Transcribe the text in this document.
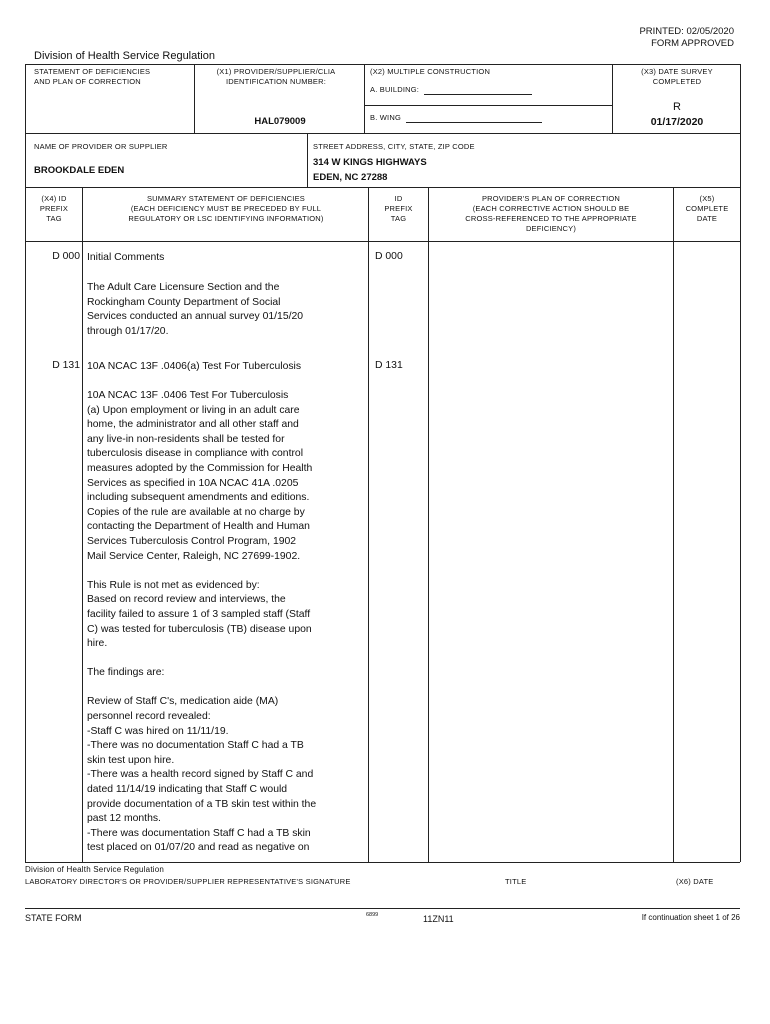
PRINTED: 02/05/2020
FORM APPROVED
Division of Health Service Regulation
STATEMENT OF DEFICIENCIES
AND PLAN OF CORRECTION
(X1) PROVIDER/SUPPLIER/CLIA
IDENTIFICATION NUMBER:
HAL079009
(X2) MULTIPLE CONSTRUCTION
A. BUILDING:
B. WING
(X3) DATE SURVEY
COMPLETED
R
01/17/2020
NAME OF PROVIDER OR SUPPLIER
BROOKDALE EDEN
STREET ADDRESS, CITY, STATE, ZIP CODE
314 W KINGS HIGHWAYS
EDEN, NC 27288
(X4) ID
PREFIX
TAG
SUMMARY STATEMENT OF DEFICIENCIES
(EACH DEFICIENCY MUST BE PRECEDED BY FULL
REGULATORY OR LSC IDENTIFYING INFORMATION)
ID
PREFIX
TAG
PROVIDER'S PLAN OF CORRECTION
(EACH CORRECTIVE ACTION SHOULD BE
CROSS-REFERENCED TO THE APPROPRIATE
DEFICIENCY)
(X5)
COMPLETE
DATE
D 000 Initial Comments	D 000
The Adult Care Licensure Section and the
Rockingham County Department of Social
Services conducted an annual survey 01/15/20
through 01/17/20.
D 131 10A NCAC 13F .0406(a) Test For Tuberculosis	D 131
10A NCAC 13F .0406 Test For Tuberculosis
(a) Upon employment or living in an adult care
home, the administrator and all other staff and
any live-in non-residents shall be tested for
tuberculosis disease in compliance with control
measures adopted by the Commission for Health
Services as specified in 10A NCAC 41A .0205
including subsequent amendments and editions.
Copies of the rule are available at no charge by
contacting the Department of Health and Human
Services Tuberculosis Control Program, 1902
Mail Service Center, Raleigh, NC 27699-1902.

This Rule is not met as evidenced by:
Based on record review and interviews, the
facility failed to assure 1 of 3 sampled staff (Staff
C) was tested for tuberculosis (TB) disease upon
hire.

The findings are:

Review of Staff C's, medication aide (MA)
personnel record revealed:
-Staff C was hired on 11/11/19.
-There was no documentation Staff C had a TB
skin test upon hire.
-There was a health record signed by Staff C and
dated 11/14/19 indicating that Staff C would
provide documentation of a TB skin test within the
past 12 months.
-There was documentation Staff C had a TB skin
test placed on 01/07/20 and read as negative on
Division of Health Service Regulation
LABORATORY DIRECTOR'S OR PROVIDER/SUPPLIER REPRESENTATIVE'S SIGNATURE	TITLE	(X6) DATE
STATE FORM	6899	11ZN11	If continuation sheet 1 of 26
